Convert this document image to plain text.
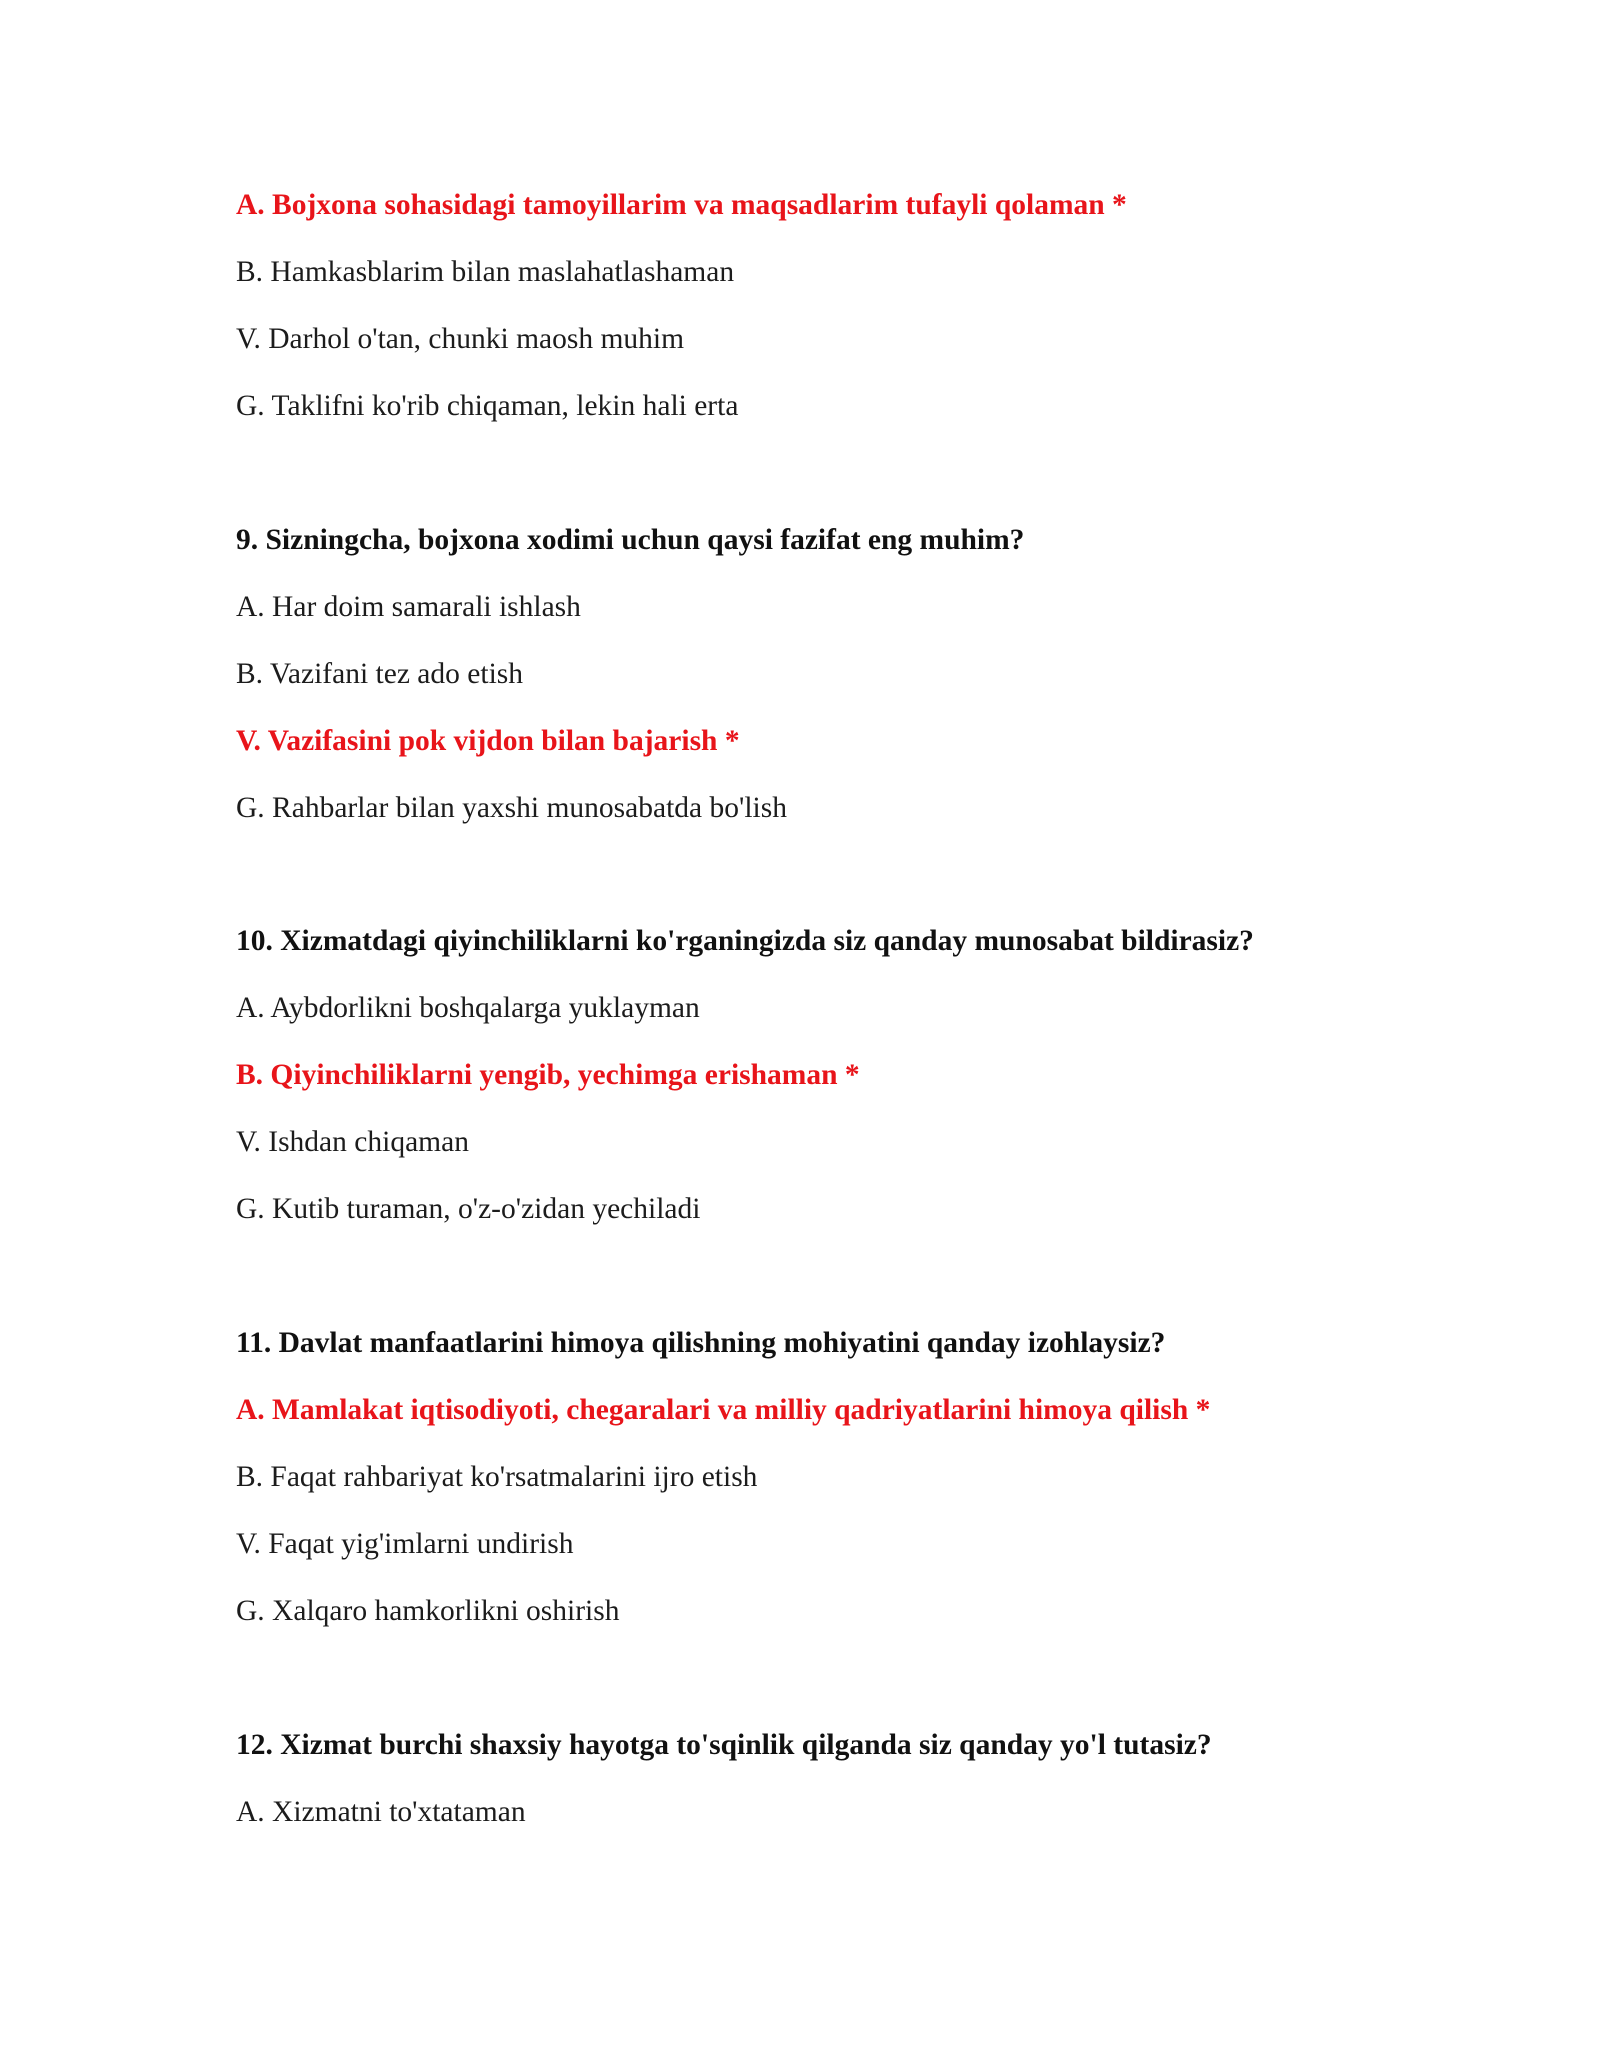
A. Bojxona sohasidagi tamoyillarim va maqsadlarim tufayli qolaman *
B. Hamkasblarim bilan maslahatlashaman
V. Darhol o'tan, chunki maosh muhim
G. Taklifni ko'rib chiqaman, lekin hali erta
9. Sizningcha, bojxona xodimi uchun qaysi fazifat eng muhim?
A. Har doim samarali ishlash
B. Vazifani tez ado etish
V. Vazifasini pok vijdon bilan bajarish *
G. Rahbarlar bilan yaxshi munosabatda bo'lish
10. Xizmatdagi qiyinchiliklarni ko'rganingizda siz qanday munosabat bildirasiz?
A. Aybdorlikni boshqalarga yuklayman
B. Qiyinchiliklarni yengib, yechimga erishaman *
V. Ishdan chiqaman
G. Kutib turaman, o'z-o'zidan yechiladi
11. Davlat manfaatlarini himoya qilishning mohiyatini qanday izohlaysiz?
A. Mamlakat iqtisodiyoti, chegaralari va milliy qadriyatlarini himoya qilish *
B. Faqat rahbariyat ko'rsatmalarini ijro etish
V. Faqat yig'imlarni undirish
G. Xalqaro hamkorlikni oshirish
12. Xizmat burchi shaxsiy hayotga to'sqinlik qilganda siz qanday yo'l tutasiz?
A. Xizmatni to'xtataman
